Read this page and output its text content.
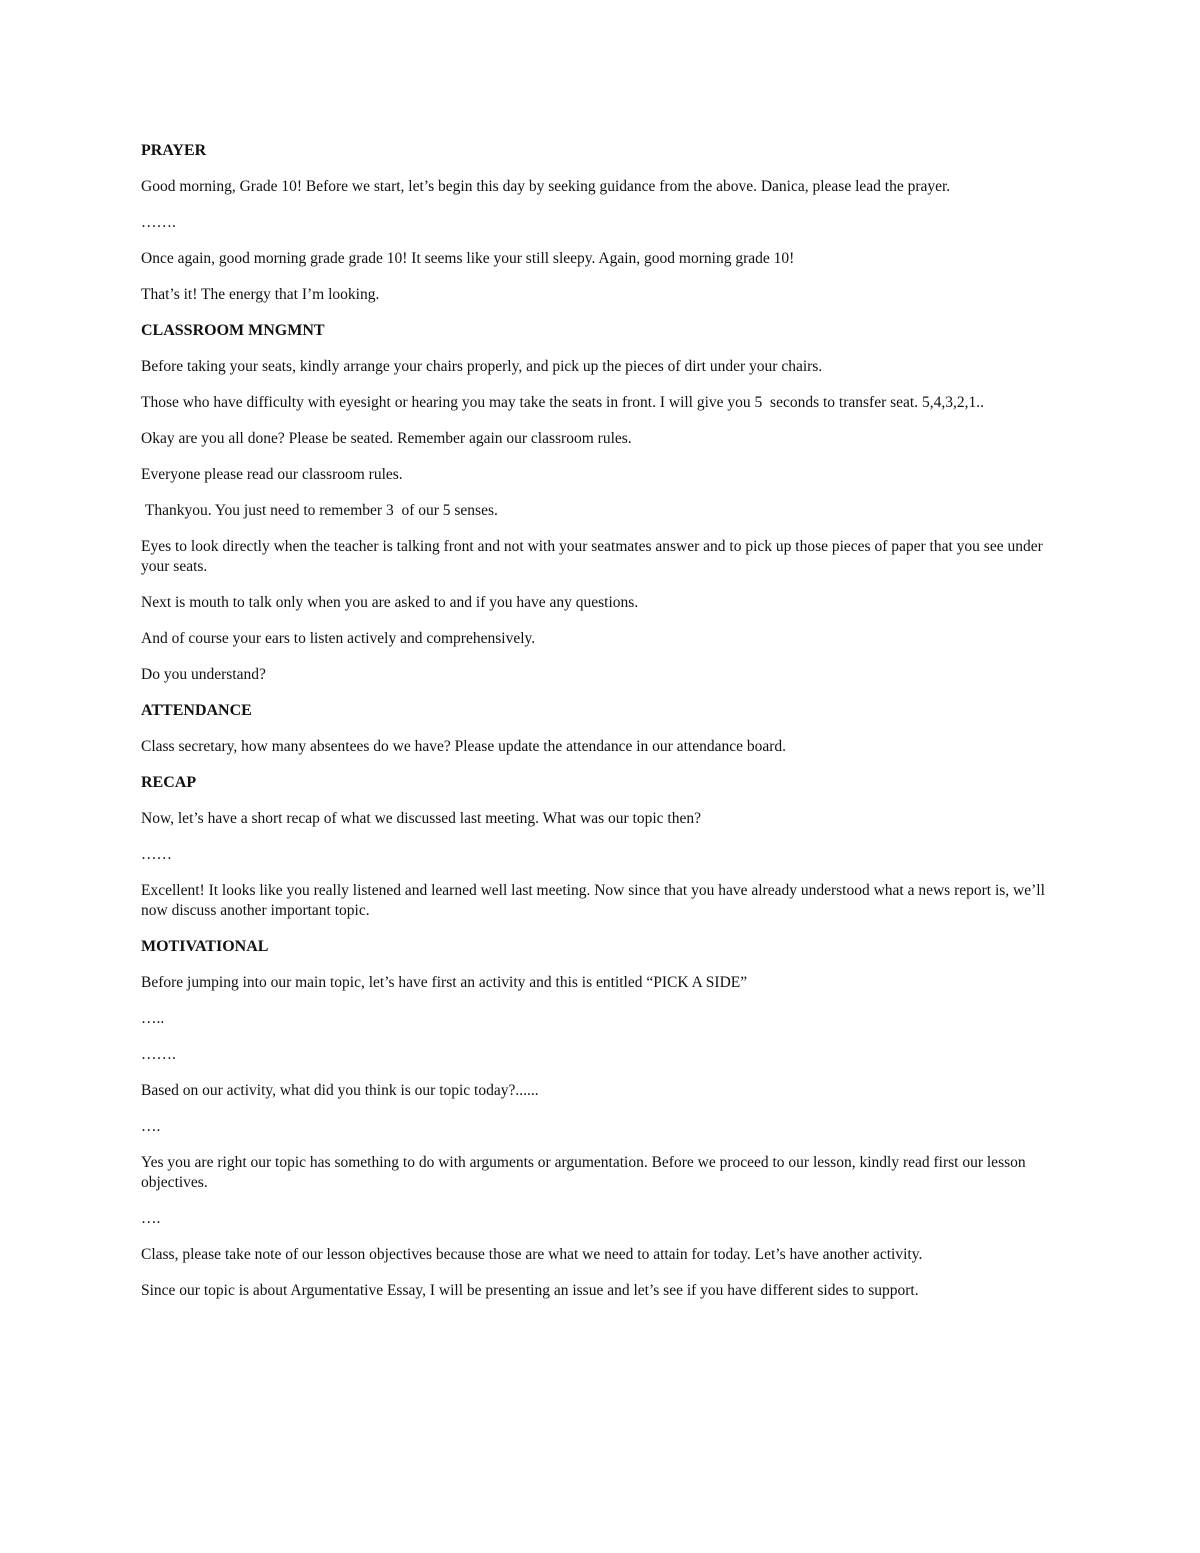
PRAYER

Good morning, Grade 10! Before we start, let’s begin this day by seeking guidance from the above. Danica, please lead the prayer.

…….

Once again, good morning grade grade 10! It seems like your still sleepy. Again, good morning grade 10!

That’s it! The energy that I’m looking.

CLASSROOM MNGMNT

Before taking your seats, kindly arrange your chairs properly, and pick up the pieces of dirt under your chairs.

Those who have difficulty with eyesight or hearing you may take the seats in front. I will give you 5  seconds to transfer seat. 5,4,3,2,1..

Okay are you all done? Please be seated. Remember again our classroom rules.

Everyone please read our classroom rules.

Thankyou. You just need to remember 3  of our 5 senses.

Eyes to look directly when the teacher is talking front and not with your seatmates answer and to pick up those pieces of paper that you see under your seats.

Next is mouth to talk only when you are asked to and if you have any questions.

And of course your ears to listen actively and comprehensively.

Do you understand?

ATTENDANCE

Class secretary, how many absentees do we have? Please update the attendance in our attendance board.

RECAP

Now, let’s have a short recap of what we discussed last meeting. What was our topic then?

……

Excellent! It looks like you really listened and learned well last meeting. Now since that you have already understood what a news report is, we’ll now discuss another important topic.

MOTIVATIONAL

Before jumping into our main topic, let’s have first an activity and this is entitled “PICK A SIDE”

…..

…….

Based on our activity, what did you think is our topic today?......

….

Yes you are right our topic has something to do with arguments or argumentation. Before we proceed to our lesson, kindly read first our lesson objectives.

….

Class, please take note of our lesson objectives because those are what we need to attain for today. Let’s have another activity.

Since our topic is about Argumentative Essay, I will be presenting an issue and let’s see if you have different sides to support.
